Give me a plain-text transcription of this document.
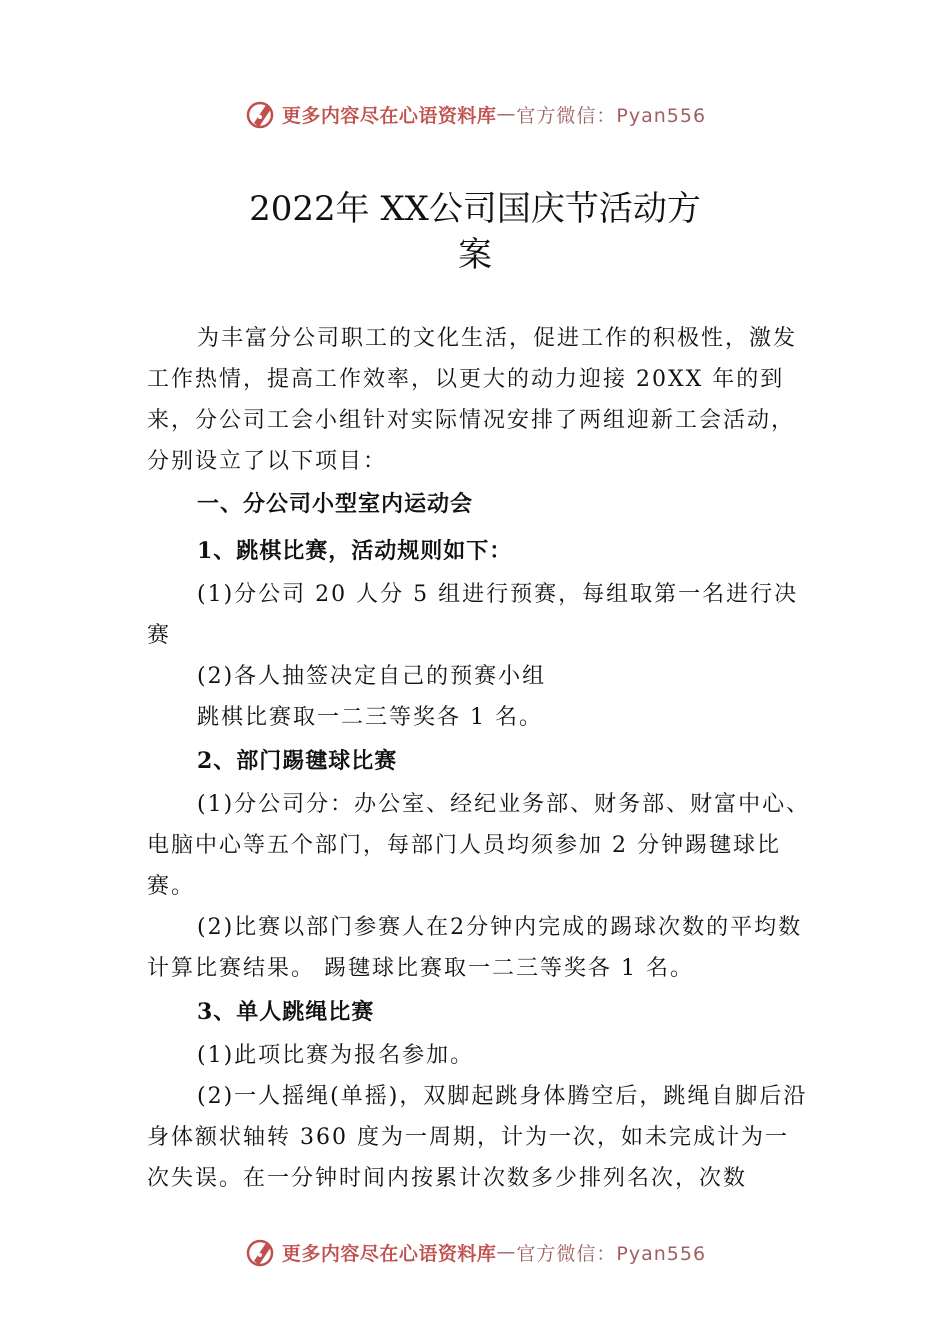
更多内容尽在心语资料库 — 官方微信：Pyan556
2022年 XX公司国庆节活动方
案

为丰富分公司职工的文化生活，促进工作的积极性，激发工作热情，提高工作效率，以更大的动力迎接 20XX 年的到来，分公司工会小组针对实际情况安排了两组迎新工会活动，分别设立了以下项目：

一、分公司小型室内运动会

1、跳棋比赛，活动规则如下：

(1)分公司 20 人分 5 组进行预赛，每组取第一名进行决赛

(2)各人抽签决定自己的预赛小组

跳棋比赛取一二三等奖各 1 名。

2、部门踢毽球比赛

(1)分公司分：办公室、经纪业务部、财务部、财富中心、电脑中心等五个部门，每部门人员均须参加 2 分钟踢毽球比赛。

(2)比赛以部门参赛人在2分钟内完成的踢球次数的平均数计算比赛结果。 踢毽球比赛取一二三等奖各 1 名。

3、单人跳绳比赛

(1)此项比赛为报名参加。

(2)一人摇绳(单摇)，双脚起跳身体腾空后，跳绳自脚后沿身体额状轴转 360 度为一周期，计为一次，如未完成计为一次失误。在一分钟时间内按累计次数多少排列名次，次数

更多内容尽在心语资料库 — 官方微信：Pyan556
